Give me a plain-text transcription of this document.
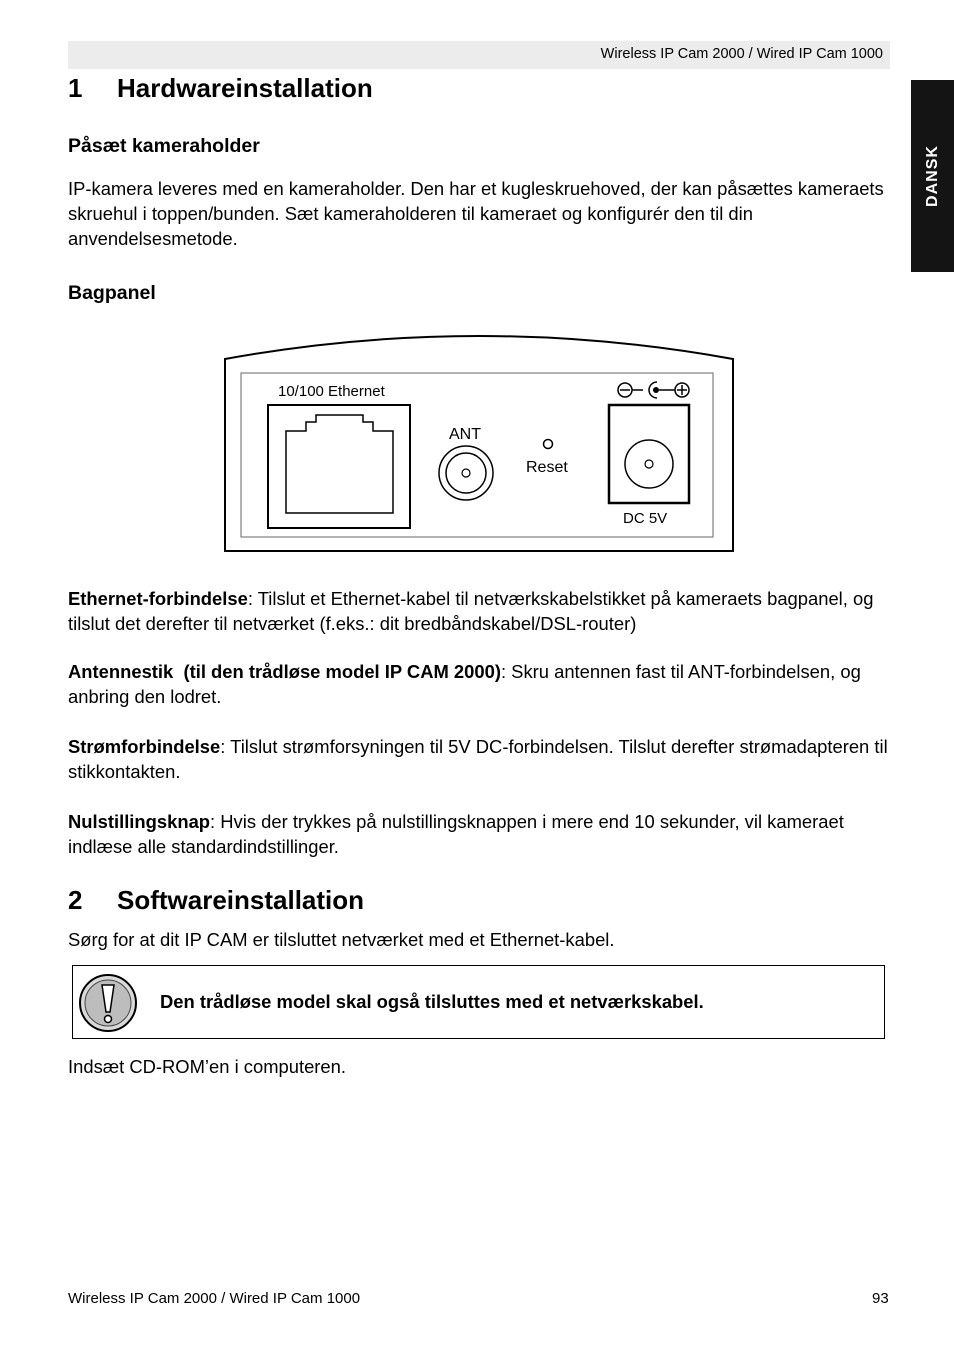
Wireless IP Cam 2000 / Wired IP Cam 1000
DANSK
1 Hardwareinstallation
Påsæt kameraholder

IP-kamera leveres med en kameraholder. Den har et kugleskruehoved, der kan påsættes kameraets skruehul i toppen/bunden. Sæt kameraholderen til kameraet og konfigurér den til din anvendelsesmetode.

Bagpanel
10/100 Ethernet
ANT
Reset
DC 5V

Ethernet-forbindelse: Tilslut et Ethernet-kabel til netværkskabelstikket på kameraets bagpanel, og tilslut det derefter til netværket (f.eks.: dit bredbåndskabel/DSL-router)

Antennestik  (til den trådløse model IP CAM 2000): Skru antennen fast til ANT-forbindelsen, og anbring den lodret.

Strømforbindelse: Tilslut strømforsyningen til 5V DC-forbindelsen. Tilslut derefter strømadapteren til stikkontakten.

Nulstillingsknap: Hvis der trykkes på nulstillingsknappen i mere end 10 sekunder, vil kameraet indlæse alle standardindstillinger.

2 Softwareinstallation

Sørg for at dit IP CAM er tilsluttet netværket med et Ethernet-kabel.

Den trådløse model skal også tilsluttes med et netværkskabel.

Indsæt CD-ROM’en i computeren.

Wireless IP Cam 2000 / Wired IP Cam 1000	93
